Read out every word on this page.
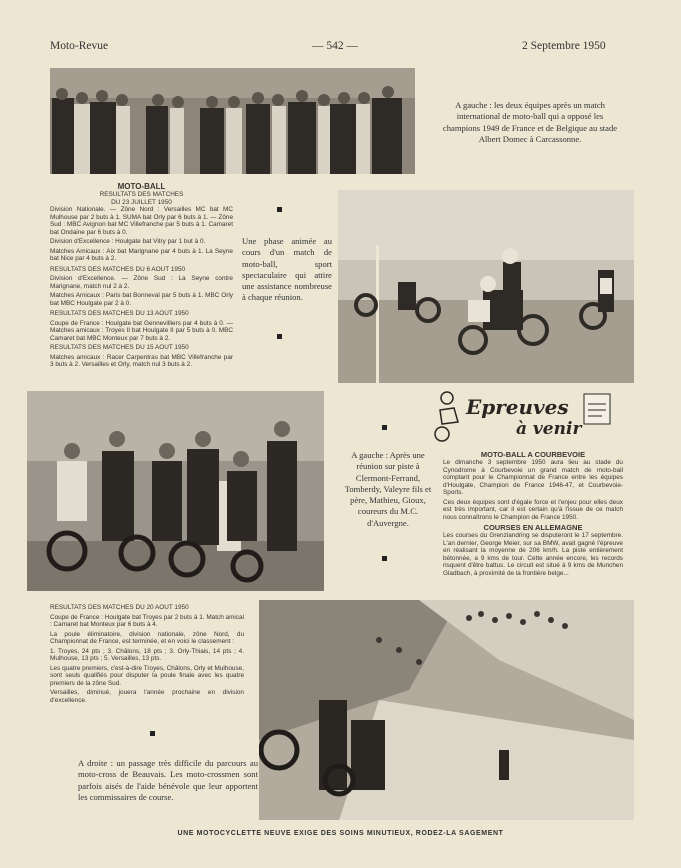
Moto-Revue	— 542 —	2 Septembre 1950

A gauche : les deux équipes après un match international de moto-ball qui a opposé les champions 1949 de France et de Belgique au stade Albert Domec à Carcassonne.

MOTO-BALL

RESULTATS DES MATCHES

DU 23 JUILLET 1950

Division Nationale. — Zône Nord : Versailles MC bat MC Mulhouse par 2 buts à 1. SUMA bat Orly par 6 buts à 1. — Zône Sud : MBC Avignon bat MC Villefranche par 5 buts à 1. Camaret bat Ondaine par 6 buts à 0.

Division d'Excellence : Houlgate bat Vitry par 1 but à 0.

Matches Amicaux : Aix bat Marignane par 4 buts à 1. La Seyne bat Nice par 4 buts à 2.

RESULTATS DES MATCHES DU 6 AOUT 1950

Division d'Excellence. — Zône Sud : La Seyne contre Marignane, match nul 2 à 2.

Matches Amicaux : Paris bat Bonneval par 5 buts à 1. MBC Orly bat MBC Houlgate par 2 à 0.

RESULTATS DES MATCHES DU 13 AOUT 1950

Coupe de France : Houlgate bat Gennevilliers par 4 buts à 0. — Matches amicaux : Troyes II bat Houlgate II par 5 buts à 0. MBC Camaret bat MBC Monteux par 7 buts à 2.

RESULTATS DES MATCHES DU 15 AOUT 1950

Matches amicaux : Racer Carpentras bat MBC Villefranche par 3 buts à 2. Versailles et Orly, match nul 3 buts à 2.

Une phase animée au cours d'un match de moto-ball, sport spectaculaire qui attire une assistance nombreuse à chaque réunion.

A gauche : Après une réunion sur piste à Clermont-Ferrand, Tomberdy, Valeyre fils et père, Mathieu, Gioux, coureurs du M.C. d'Auvergne.

Epreuves
à venir

MOTO-BALL A COURBEVOIE

Le dimanche 3 septembre 1950 aura lieu au stade du Cynodrome à Courbevoie un grand match de moto-ball comptant pour le Championnat de France entre les équipes d'Houlgate, Champion de France 1946-47, et Courbevoie-Sports.

Ces deux équipes sont d'égale force et l'enjeu pour elles deux est très important, car il est certain qu'à l'issue de ce match nous connaîtrons le Champion de France 1950.

COURSES EN ALLEMAGNE

Les courses du Grenzlandring se disputeront le 17 septembre. L'an dernier, George Meier, sur sa BMW, avait gagné l'épreuve en réalisant la moyenne de 206 km/h. La piste entièrement bétonnée, a 9 kms de tour. Cette année encore, les records risquent d'être battus. Le circuit est situé à 9 kms de Munchen Gladbach, à proximité de la frontière belge...

RESULTATS DES MATCHES DU 20 AOUT 1950

Coupe de France : Houlgate bat Troyes par 2 buts à 1. Match amical : Camaret bat Monteux par 6 buts à 4.

La poule éliminatoire, division nationale, zône Nord, du Championnat de France, est terminée, et en voici le classement :

1. Troyes, 24 pts ; 3. Châlons, 18 pts ; 3. Orly-Thiais, 14 pts ; 4. Mulhouse, 13 pts ; 5. Versailles, 13 pts.

Les quatre premiers, c'est-à-dire Troyes, Châlons, Orly et Mulhouse, sont seuls qualifiés pour disputer la poule finale avec les quatre premiers de la zône Sud.

Versailles, diminué, jouera l'année prochaine en division d'excellence.

A droite : un passage très difficile du parcours au moto-cross de Beauvais. Les moto-crossmen sont parfois aisés de l'aide bénévole que leur apportent les commissaires de course.

UNE MOTOCYCLETTE NEUVE EXIGE DES SOINS MINUTIEUX, RODEZ-LA SAGEMENT
